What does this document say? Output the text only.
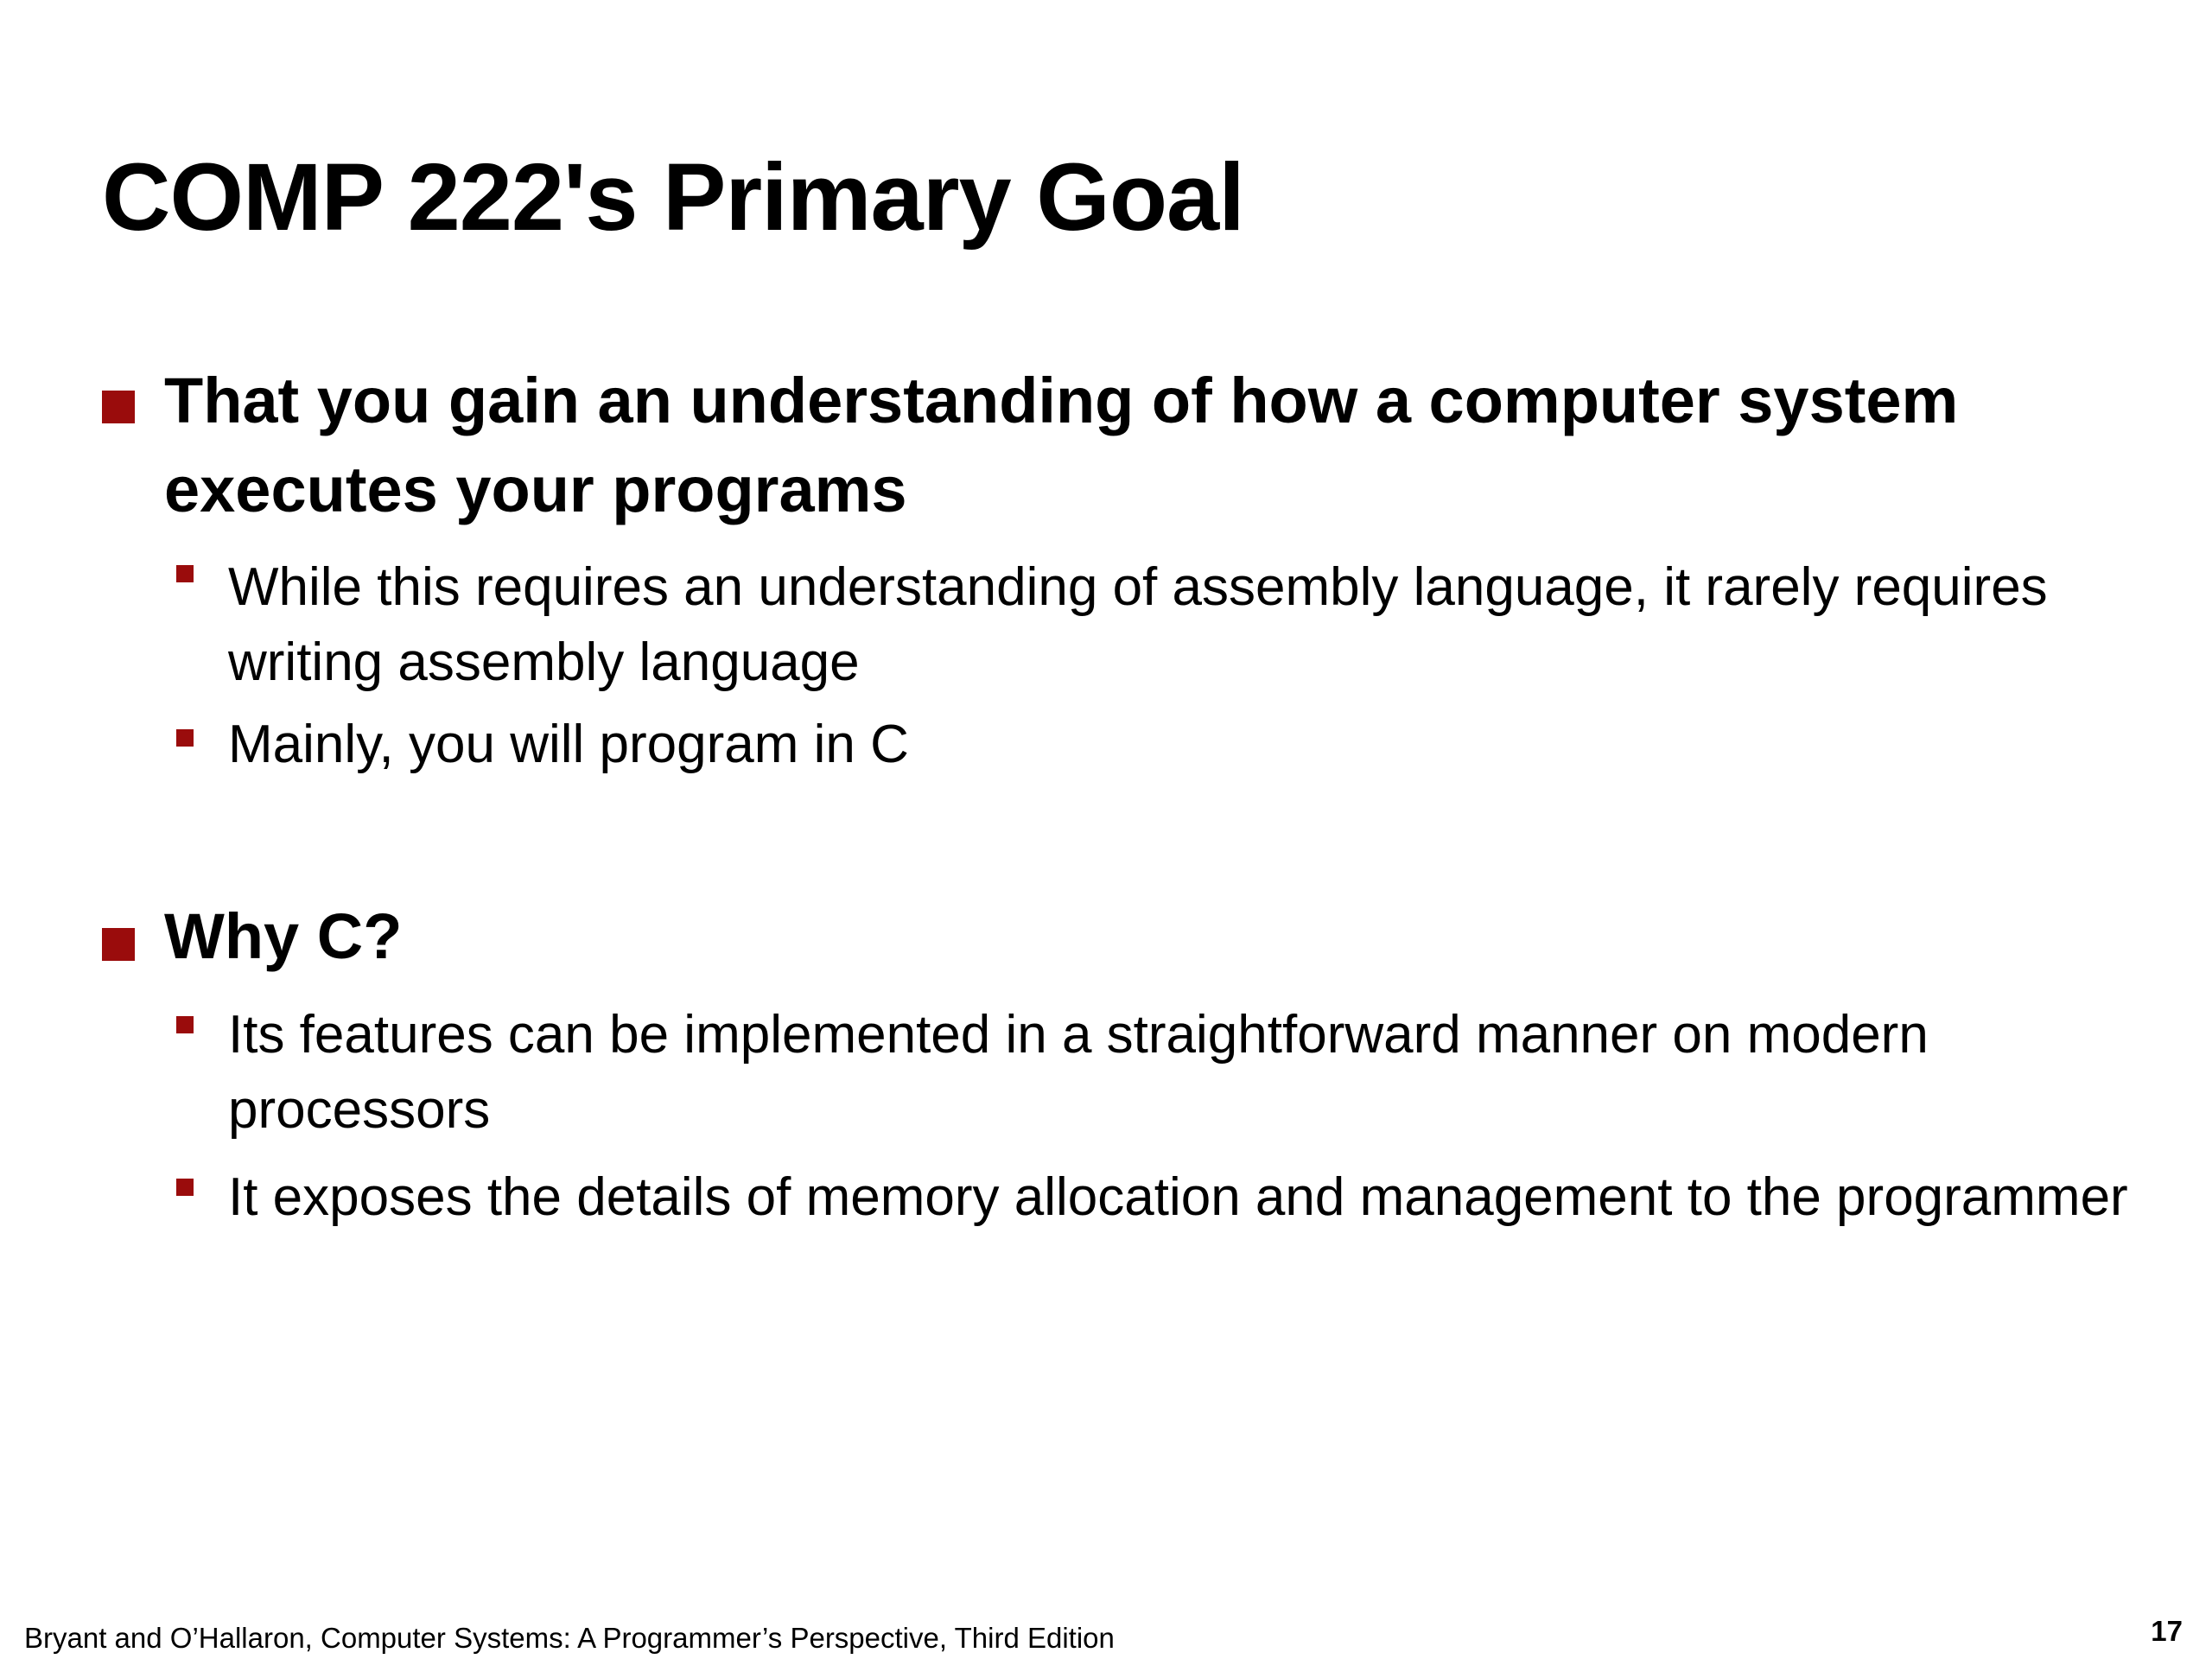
COMP 222's Primary Goal
That you gain an understanding of how a computer system executes your programs
While this requires an understanding of assembly language, it rarely requires writing assembly language
Mainly, you will program in C
Why C?
Its features can be implemented in a straightforward manner on modern processors
It exposes the details of memory allocation and management to the programmer
Bryant and O’Hallaron, Computer Systems: A Programmer’s Perspective, Third Edition	17
